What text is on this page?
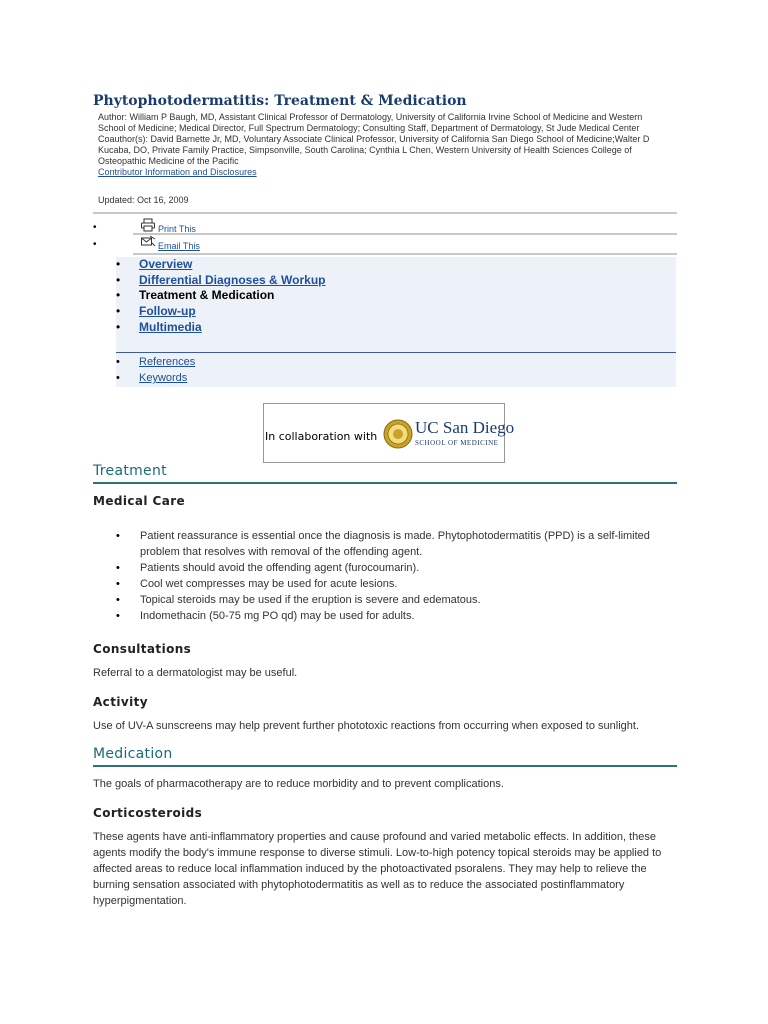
Phytophotodermatitis: Treatment & Medication

Author: William P Baugh, MD, Assistant Clinical Professor of Dermatology, University of California Irvine School of Medicine and Western School of Medicine; Medical Director, Full Spectrum Dermatology; Consulting Staff, Department of Dermatology, St Jude Medical Center

Coauthor(s): David Barnette Jr, MD, Voluntary Associate Clinical Professor, University of California San Diego School of Medicine;Walter D Kucaba, DO, Private Family Practice, Simpsonville, South Carolina; Cynthia L Chen, Western University of Health Sciences College of Osteopathic Medicine of the Pacific

Contributor Information and Disclosures
Updated: Oct 16, 2009
•	Print This
•	Email This
• Overview
• Differential Diagnoses & Workup
• Treatment & Medication
• Follow-up
• Multimedia
• References
• Keywords
In collaboration with UC San Diego
SCHOOL OF MEDICINE
Treatment
Medical Care
• Patient reassurance is essential once the diagnosis is made. Phytophotodermatitis (PPD) is a self-limited problem that resolves with removal of the offending agent.
• Patients should avoid the offending agent (furocoumarin).
• Cool wet compresses may be used for acute lesions.
• Topical steroids may be used if the eruption is severe and edematous.
• Indomethacin (50-75 mg PO qd) may be used for adults.
Consultations

Referral to a dermatologist may be useful.

Activity

Use of UV-A sunscreens may help prevent further phototoxic reactions from occurring when exposed to sunlight.

Medication

The goals of pharmacotherapy are to reduce morbidity and to prevent complications.

Corticosteroids

These agents have anti-inflammatory properties and cause profound and varied metabolic effects. In addition, these agents modify the body's immune response to diverse stimuli. Low-to-high potency topical steroids may be applied to affected areas to reduce local inflammation induced by the photoactivated psoralens. They may help to relieve the burning sensation associated with phytophotodermatitis as well as to reduce the associated postinflammatory hyperpigmentation.
